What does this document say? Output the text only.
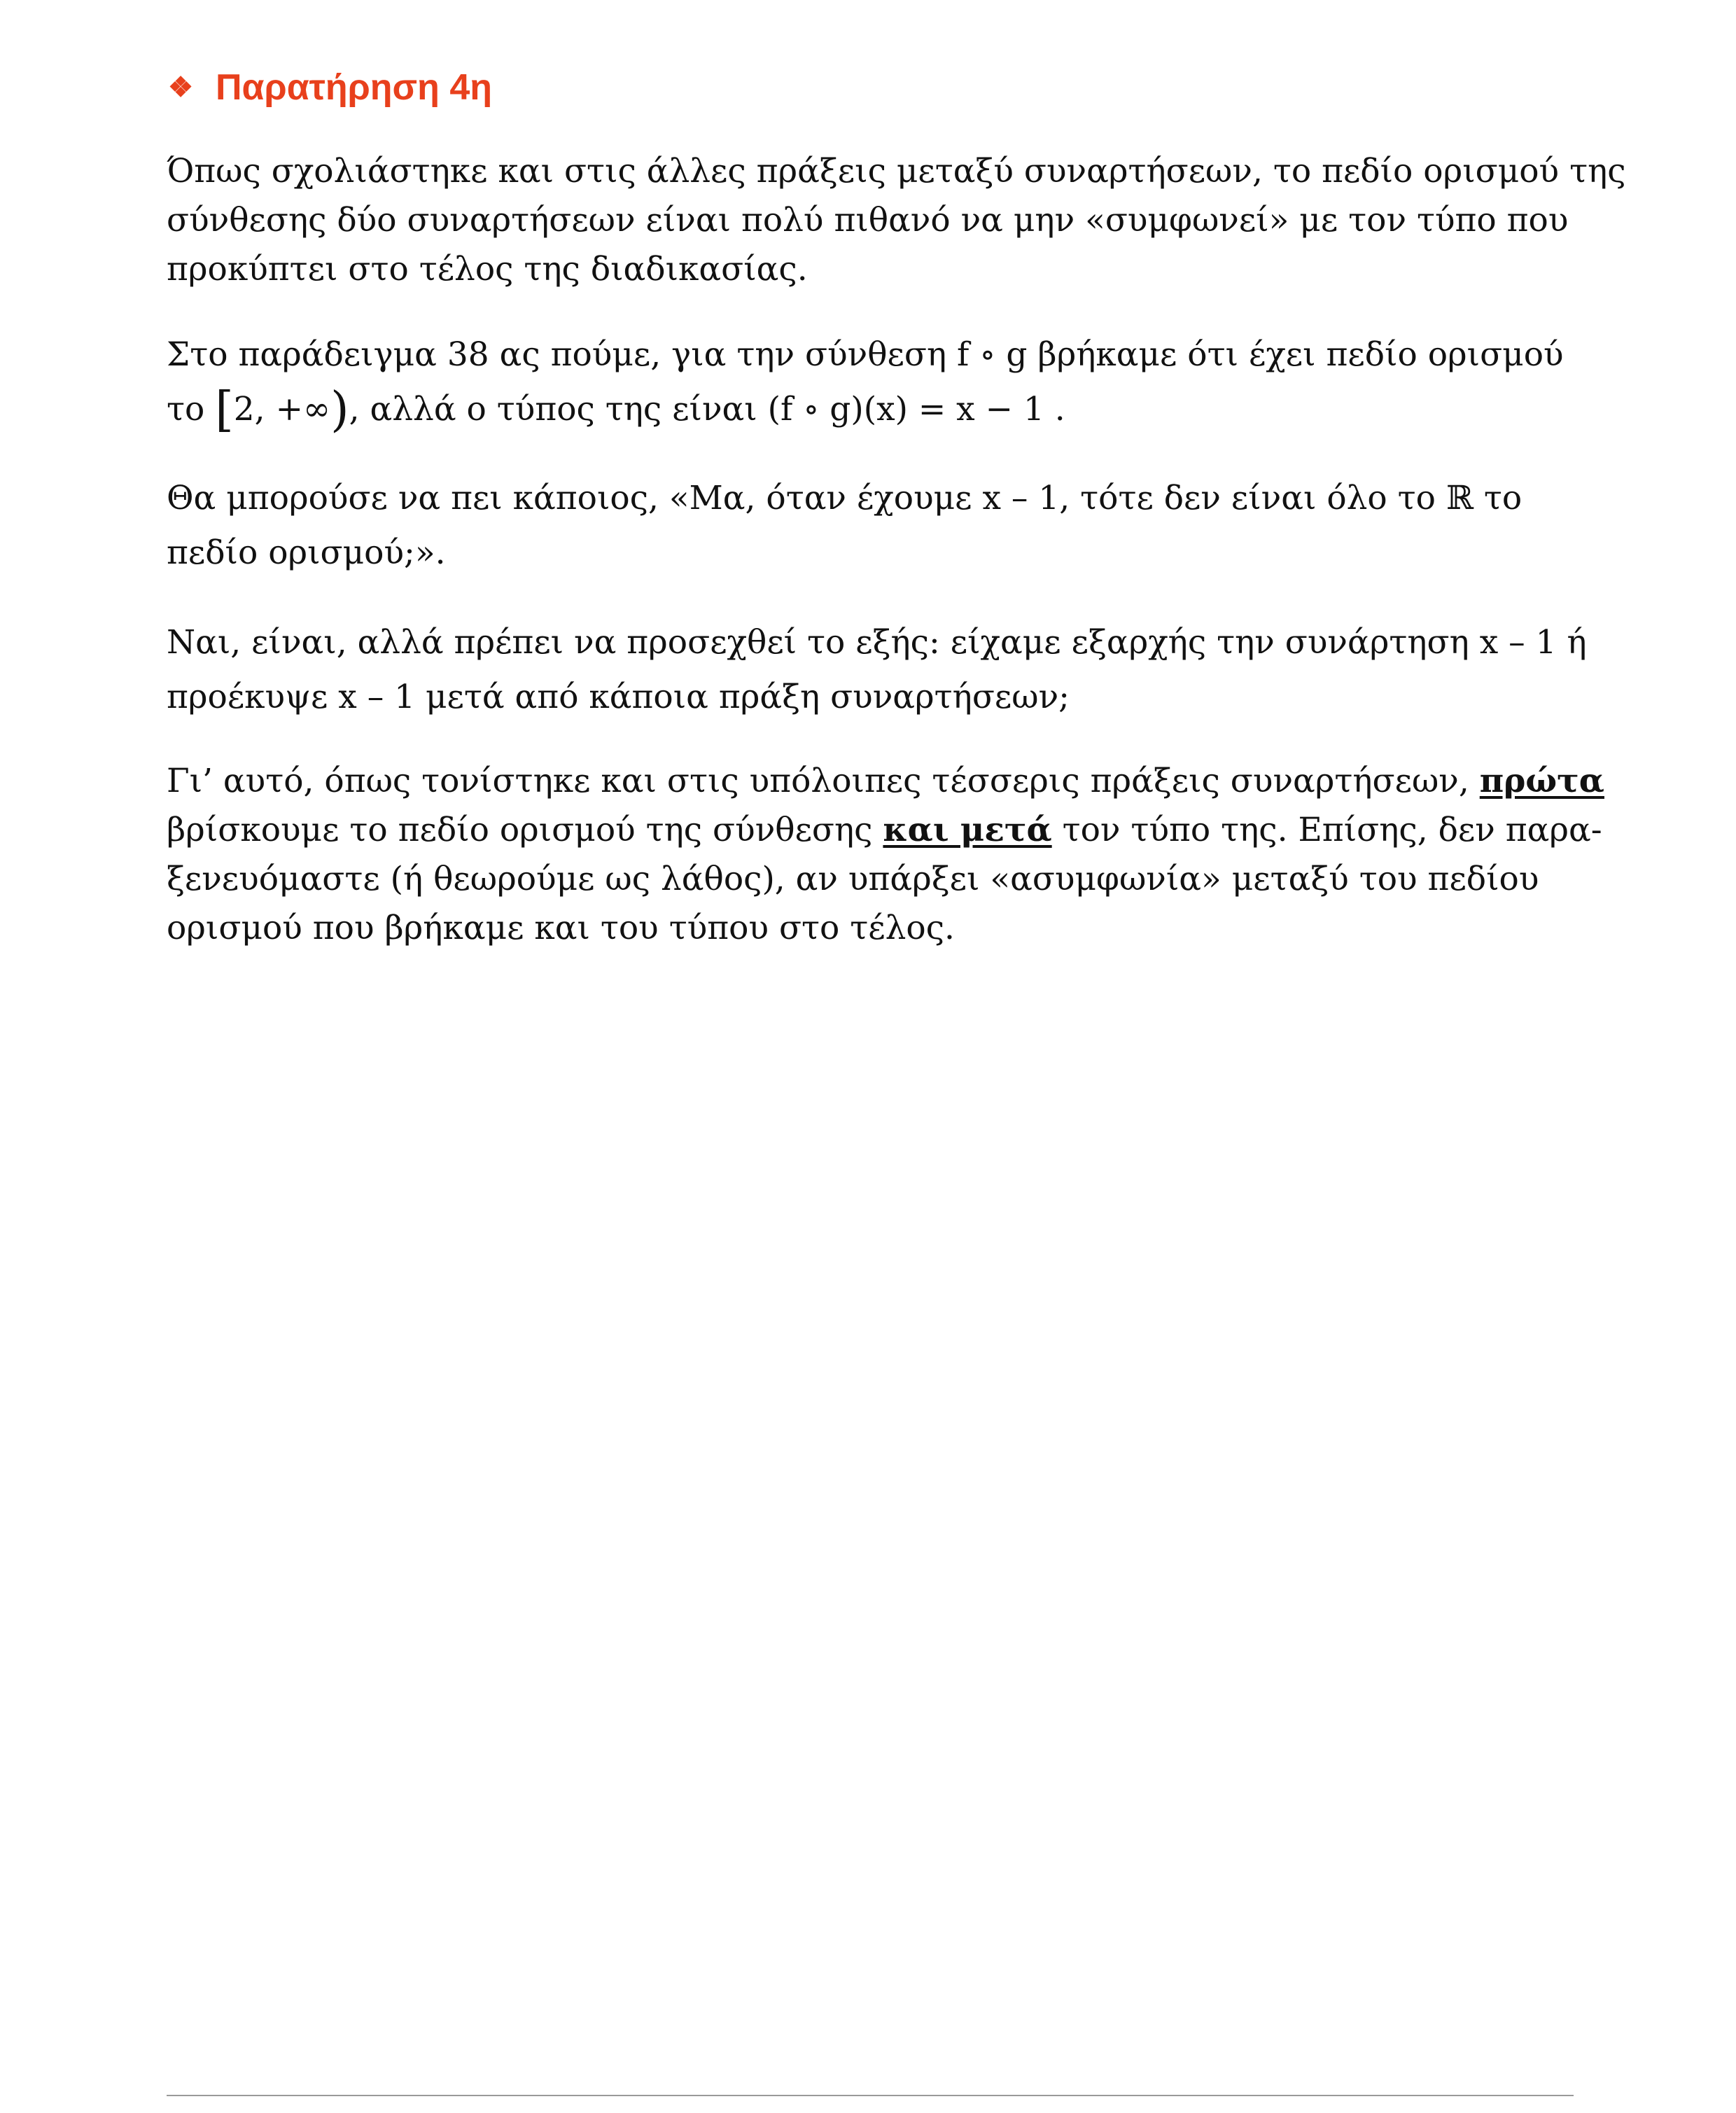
❖ Παρατήρηση 4η

Όπως σχολιάστηκε και στις άλλες πράξεις μεταξύ συναρτήσεων, το πεδίο ορισμού της
σύνθεσης δύο συναρτήσεων είναι πολύ πιθανό να μην «συμφωνεί» με τον τύπο που
προκύπτει στο τέλος της διαδικασίας.

Στο παράδειγμα 38 ας πούμε, για την σύνθεση f ∘ g βρήκαμε ότι έχει πεδίο ορισμού
το [2, +∞), αλλά ο τύπος της είναι (f ∘ g)(x) = x − 1 .

Θα μπορούσε να πει κάποιος, «Μα, όταν έχουμε x – 1, τότε δεν είναι όλο το ℝ το
πεδίο ορισμού;».

Ναι, είναι, αλλά πρέπει να προσεχθεί το εξής: είχαμε εξαρχής την συνάρτηση x – 1 ή
προέκυψε x – 1 μετά από κάποια πράξη συναρτήσεων;

Γι’ αυτό, όπως τονίστηκε και στις υπόλοιπες τέσσερις πράξεις συναρτήσεων, πρώτα
βρίσκουμε το πεδίο ορισμού της σύνθεσης και μετά τον τύπο της. Επίσης, δεν παρα-
ξενευόμαστε (ή θεωρούμε ως λάθος), αν υπάρξει «ασυμφωνία» μεταξύ του πεδίου
ορισμού που βρήκαμε και του τύπου στο τέλος.
